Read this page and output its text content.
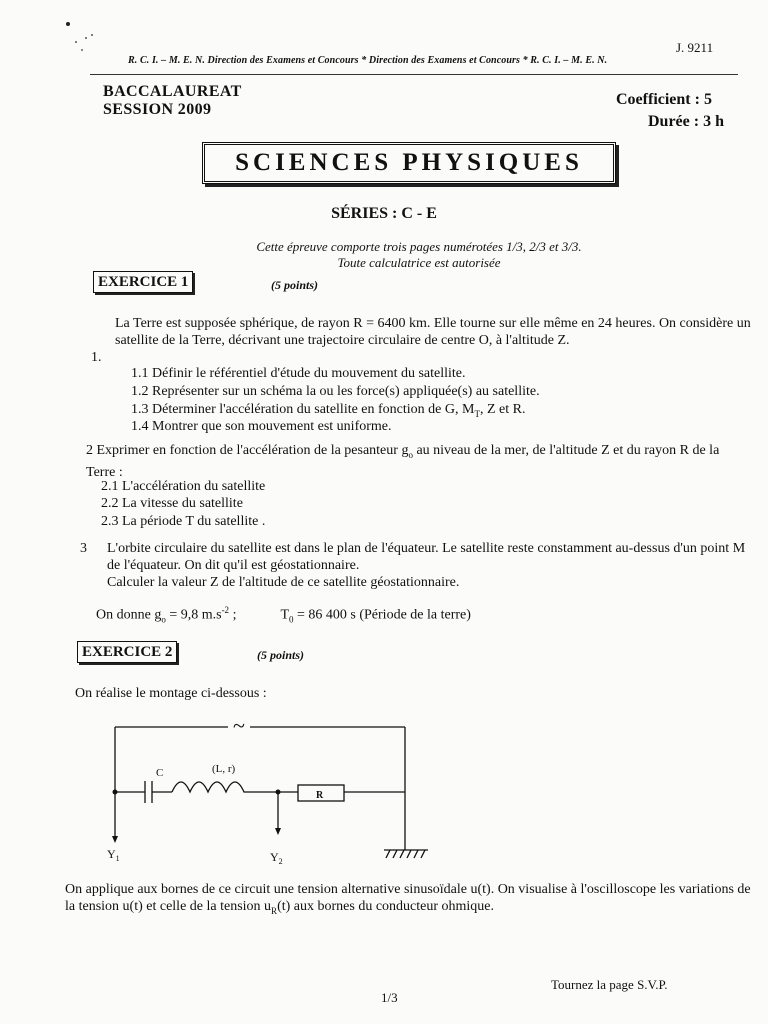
J. 9211
R. C. I. – M. E. N. Direction des Examens et Concours * Direction des Examens et Concours * R. C. I. – M. E. N.
BACCALAUREAT
SESSION 2009
Coefficient : 5
Durée : 3 h
SCIENCES PHYSIQUES
SÉRIES : C - E
Cette épreuve comporte trois pages numérotées 1/3, 2/3 et 3/3.
Toute calculatrice est autorisée
EXERCICE 1	(5 points)
La Terre est supposée sphérique, de rayon R = 6400 km. Elle tourne sur elle même en 24 heures. On considère un satellite de la Terre, décrivant une trajectoire circulaire de centre O, à l'altitude Z.
1.
1.1 Définir le référentiel d'étude du mouvement du satellite.
1.2 Représenter sur un schéma la ou les force(s) appliquée(s) au satellite.
1.3 Déterminer l'accélération du satellite en fonction de G, $M_T$, Z et R.
1.4 Montrer que son mouvement est uniforme.
2 Exprimer en fonction de l'accélération de la pesanteur $g_o$ au niveau de la mer, de l'altitude Z et du rayon R de la Terre :
2.1 L'accélération du satellite
2.2 La vitesse du satellite
2.3 La période T du satellite .
3 L'orbite circulaire du satellite est dans le plan de l'équateur. Le satellite reste constamment au-dessus d'un point M de l'équateur. On dit qu'il est géostationnaire.
Calculer la valeur Z de l'altitude de ce satellite géostationnaire.
On donne $g_o = 9,8$ $m.s^{-2}$ ;	$T_0 = 86$ 400 s (Période de la terre)
EXERCICE 2	(5 points)
On réalise le montage ci-dessous :
~
C	(L, r)
R
$Y_1$	$Y_2$
On applique aux bornes de ce circuit une tension alternative sinusoïdale u(t). On visualise à l'oscilloscope les variations de la tension u(t) et celle de la tension $u_R(t)$ aux bornes du conducteur ohmique.
Tournez la page S.V.P.
1/3
